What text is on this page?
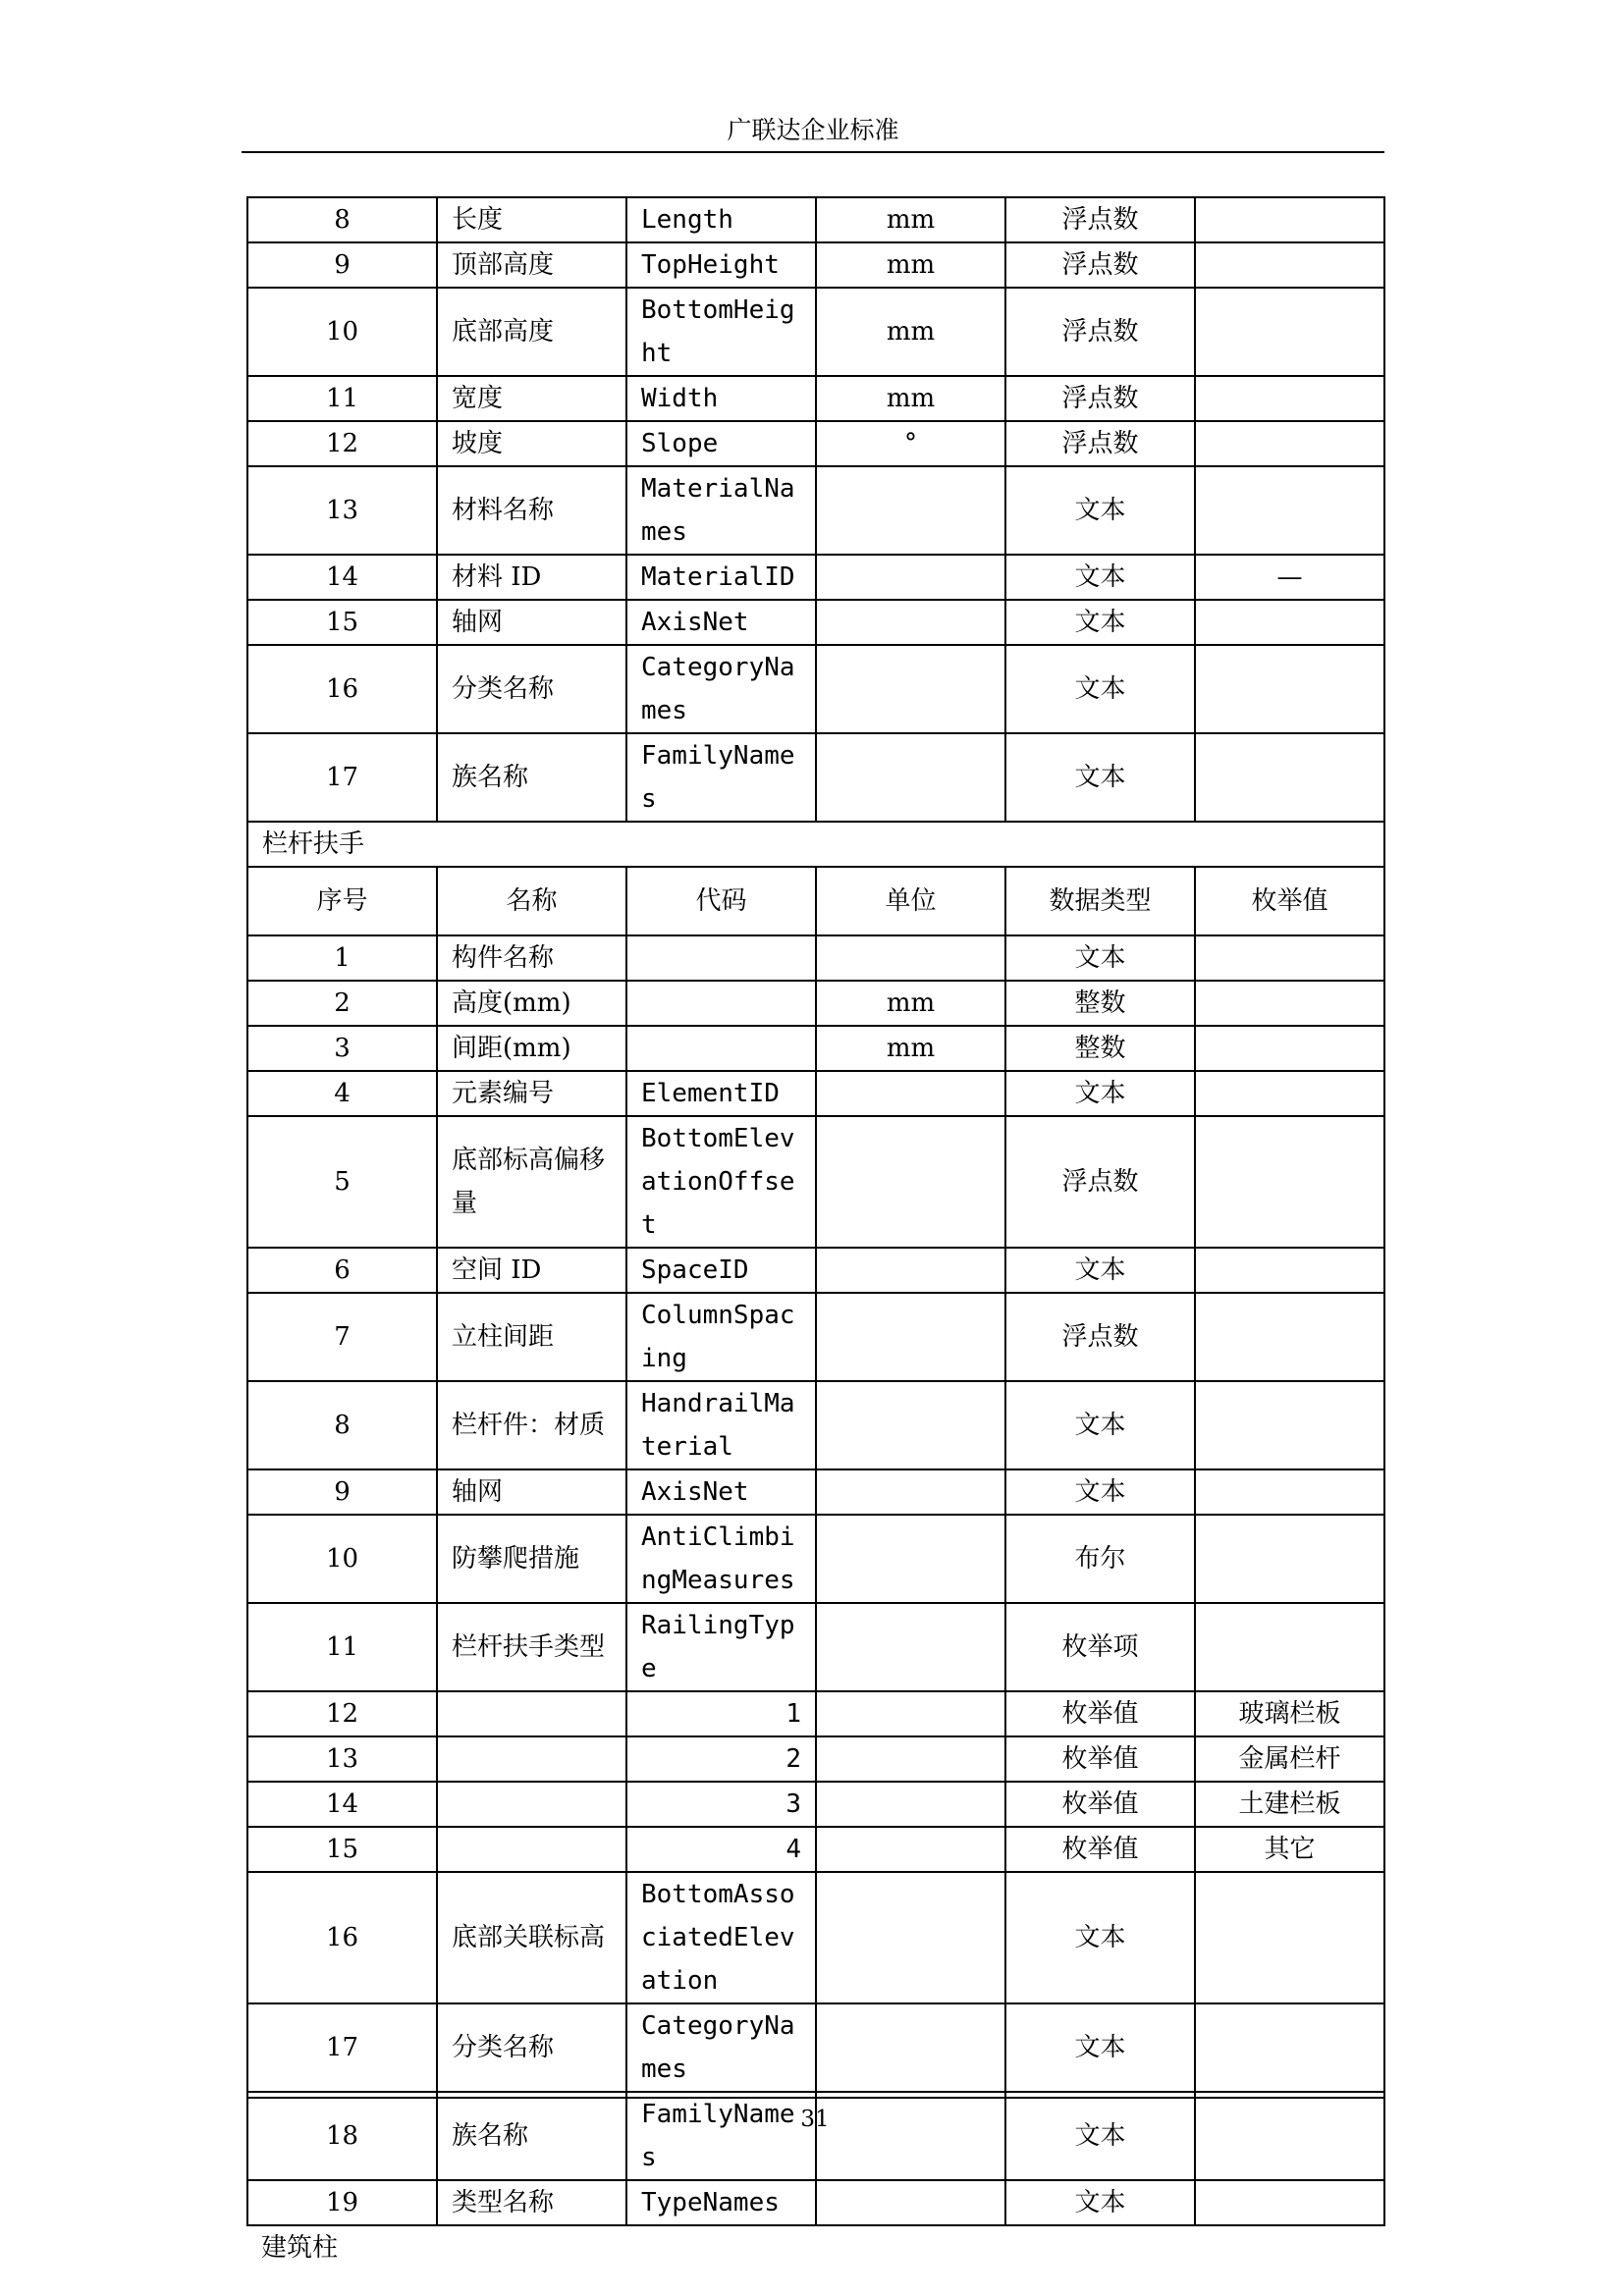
广联达企业标准
8	长度	Length	mm	浮点数	
9	顶部高度	TopHeight	mm	浮点数	
10	底部高度	BottomHeight	mm	浮点数	
11	宽度	Width	mm	浮点数	
12	坡度	Slope	°	浮点数	
13	材料名称	MaterialNames		文本	
14	材料 ID	MaterialID		文本	—
15	轴网	AxisNet		文本	
16	分类名称	CategoryNames		文本	
17	族名称	FamilyNames		文本	
栏杆扶手					
序号	名称	代码	单位	数据类型	枚举值
1	构件名称			文本	
2	高度(mm)		mm	整数	
3	间距(mm)		mm	整数	
4	元素编号	ElementID		文本	
5	底部标高偏移量	BottomElevationOffset		浮点数	
6	空间 ID	SpaceID		文本	
7	立柱间距	ColumnSpacing		浮点数	
8	栏杆件：材质	HandrailMaterial		文本	
9	轴网	AxisNet		文本	
10	防攀爬措施	AntiClimbingMeasures		布尔	
11	栏杆扶手类型	RailingType		枚举项	
12		1		枚举值	玻璃栏板
13		2		枚举值	金属栏杆
14		3		枚举值	土建栏板
15		4		枚举值	其它
16	底部关联标高	BottomAssociatedElevation		文本	
17	分类名称	CategoryNames		文本	
18	族名称	FamilyNames		文本	
19	类型名称	TypeNames		文本	
建筑柱					
31
